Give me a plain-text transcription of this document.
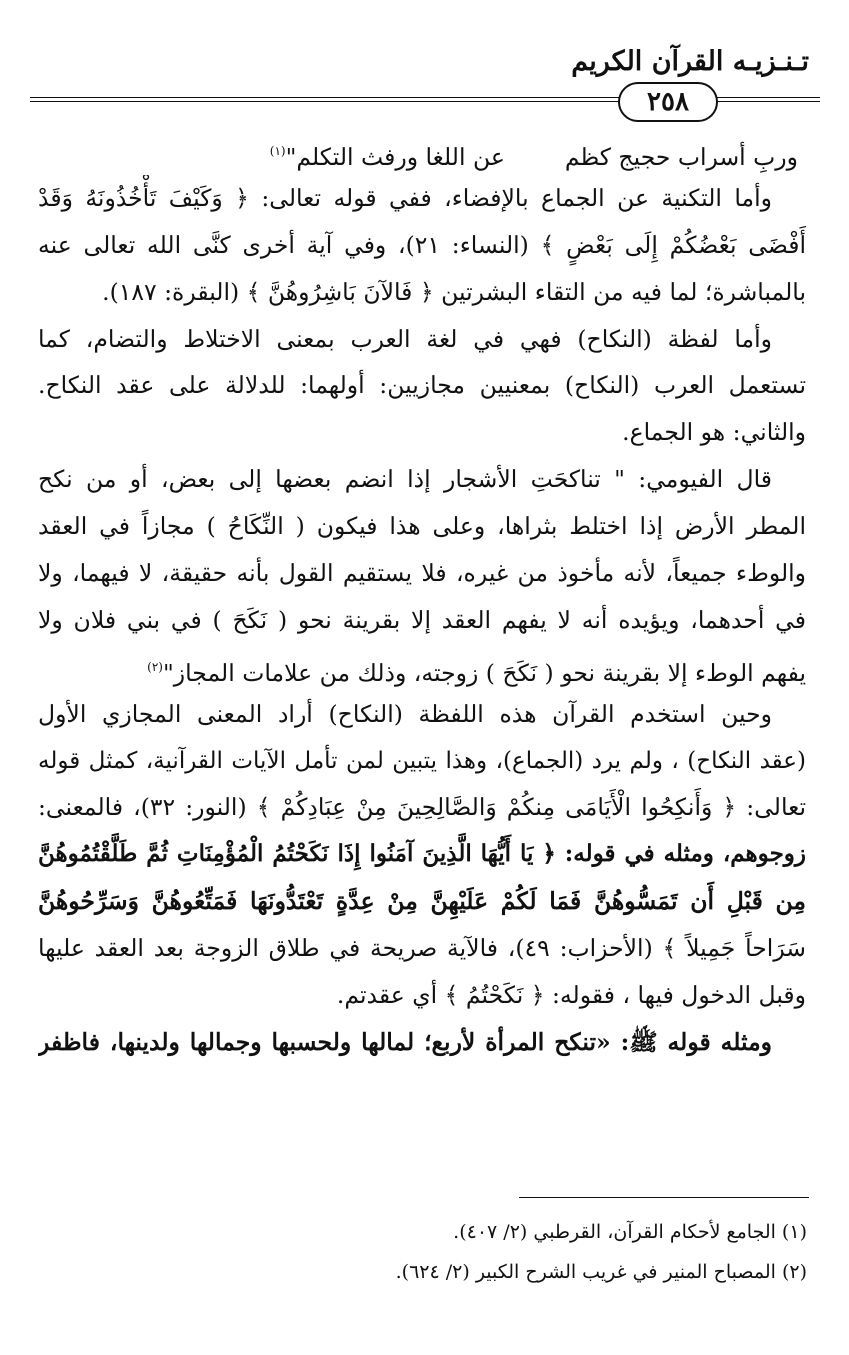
تـنـزيـه القرآن الكريم
٢٥٨
وربِ أسراب حجيج كظمعن اللغا ورفث التكلم"$^{(١)}$
وأما التكنية عن الجماع بالإفضاء، ففي قوله تعالى: ﴿ وَكَيْفَ تَأْخُذُونَهُ وَقَدْ
أَفْضَى بَعْضُكُمْ إِلَى بَعْضٍ ﴾ (النساء: ٢١)، وفي آية أخرى كنَّى الله تعالى عنه
بالمباشرة؛ لما فيه من التقاء البشرتين ﴿ فَالآنَ بَاشِرُوهُنَّ ﴾ (البقرة: ١٨٧).
وأما لفظة (النكاح) فهي في لغة العرب بمعنى الاختلاط والتضام، كما
تستعمل العرب (النكاح) بمعنيين مجازيين: أولهما: للدلالة على عقد النكاح.
والثاني: هو الجماع.
قال الفيومي: " تناكحَتِ الأشجار إذا انضم بعضها إلى بعض، أو من نكح
المطر الأرض إذا اختلط بثراها، وعلى هذا فيكون ( النِّكَاحُ ) مجازاً في العقد
والوطء جميعاً، لأنه مأخوذ من غيره، فلا يستقيم القول بأنه حقيقة، لا فيهما، ولا
في أحدهما، ويؤيده أنه لا يفهم العقد إلا بقرينة نحو ( نَكَحَ ) في بني فلان ولا
يفهم الوطء إلا بقرينة نحو ( نَكَحَ ) زوجته، وذلك من علامات المجاز"$^{(٢)}$
وحين استخدم القرآن هذه اللفظة (النكاح) أراد المعنى المجازي الأول
(عقد النكاح) ، ولم يرد (الجماع)، وهذا يتبين لمن تأمل الآيات القرآنية، كمثل قوله
تعالى: ﴿ وَأَنكِحُوا الْأَيَامَى مِنكُمْ وَالصَّالِحِينَ مِنْ عِبَادِكُمْ ﴾ (النور: ٣٢)، فالمعنى:
زوجوهم، ومثله في قوله: ﴿ يَا أَيُّهَا الَّذِينَ آمَنُوا إِذَا نَكَحْتُمُ الْمُؤْمِنَاتِ ثُمَّ طَلَّقْتُمُوهُنَّ
مِن قَبْلِ أَن تَمَسُّوهُنَّ فَمَا لَكُمْ عَلَيْهِنَّ مِنْ عِدَّةٍ تَعْتَدُّونَهَا فَمَتِّعُوهُنَّ وَسَرِّحُوهُنَّ
سَرَاحاً جَمِيلاً ﴾ (الأحزاب: ٤٩)، فالآية صريحة في طلاق الزوجة بعد العقد عليها
وقبل الدخول فيها ، فقوله: ﴿ نَكَحْتُمُ ﴾ أي عقدتم.
ومثله قوله ﷺ: «تنكح المرأة لأربع؛ لمالها ولحسبها وجمالها ولدينها، فاظفر
(١) الجامع لأحكام القرآن، القرطبي (٢/ ٤٠٧).
(٢) المصباح المنير في غريب الشرح الكبير (٢/ ٦٢٤).
